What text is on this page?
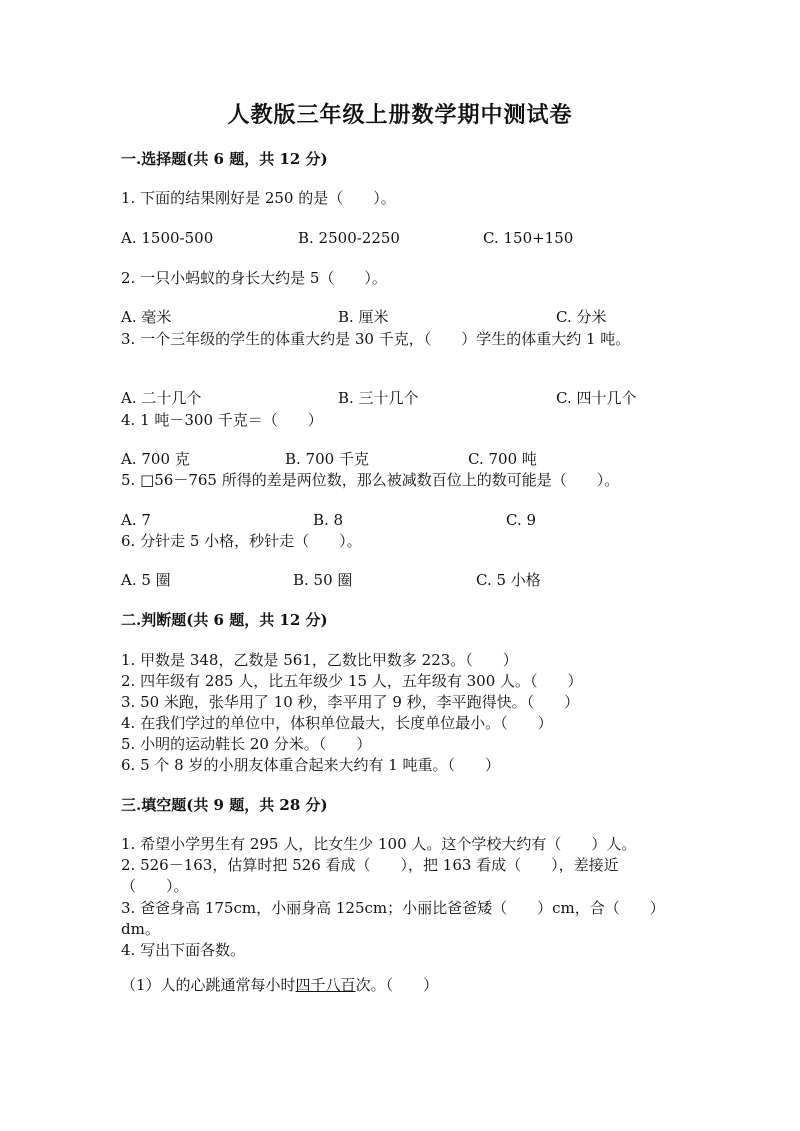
人教版三年级上册数学期中测试卷
一.选择题(共 6 题，共 12 分)
1. 下面的结果刚好是 250 的是（　　）。
A. 1500-500	B. 2500-2250	C. 150+150
2. 一只小蚂蚁的身长大约是 5（　　）。
A. 毫米	B. 厘米	C. 分米
3. 一个三年级的学生的体重大约是 30 千克，（　　）学生的体重大约 1 吨。
A. 二十几个	B. 三十几个	C. 四十几个
4. 1 吨－300 千克＝（　　）
A. 700 克	B. 700 千克	C. 700 吨
5. □56－765 所得的差是两位数，那么被减数百位上的数可能是（　　）。
A. 7	B. 8	C. 9
6. 分针走 5 小格，秒针走（　　）。
A. 5 圈	B. 50 圈	C. 5 小格
二.判断题(共 6 题，共 12 分)
1. 甲数是 348，乙数是 561，乙数比甲数多 223。（　　）
2. 四年级有 285 人，比五年级少 15 人，五年级有 300 人。（　　）
3. 50 米跑，张华用了 10 秒，李平用了 9 秒，李平跑得快。（　　）
4. 在我们学过的单位中，体积单位最大，长度单位最小。（　　）
5. 小明的运动鞋长 20 分米。（　　）
6. 5 个 8 岁的小朋友体重合起来大约有 1 吨重。（　　）
三.填空题(共 9 题，共 28 分)
1. 希望小学男生有 295 人，比女生少 100 人。这个学校大约有（　　）人。
2. 526－163，估算时把 526 看成（　　），把 163 看成（　　），差接近
（　　）。
3. 爸爸身高 175cm，小丽身高 125cm；小丽比爸爸矮（　　）cm，合（　　）
dm。
4. 写出下面各数。
（1）人的心跳通常每小时四千八百次。（　　）
